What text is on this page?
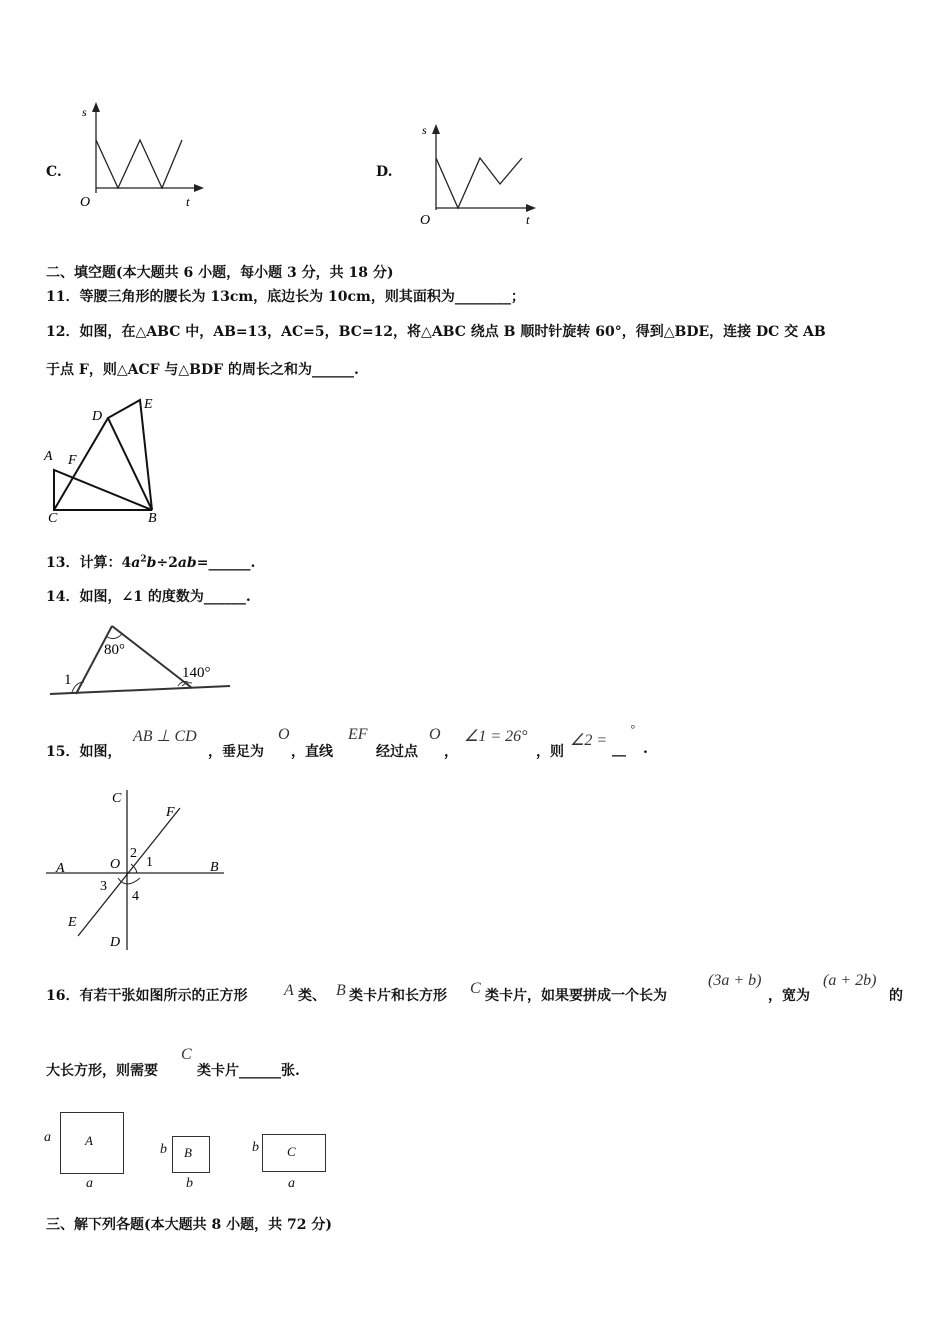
C.
s
O	t
D.
s
O	t
二、填空题(本大题共 6 小题，每小题 3 分，共 18 分)
11．等腰三角形的腰长为 13cm，底边长为 10cm，则其面积为________；
12．如图，在△ABC 中，AB=13，AC=5，BC=12，将△ABC 绕点 B 顺时针旋转 60°，得到△BDE，连接 DC 交 AB
于点 F，则△ACF 与△BDF 的周长之和为______.
A F
D
E
C	B
13．计算：$4a^2b\div 2ab=\_\_\_\_\_\_$.
14．如图，∠1 的度数为______.
80°
140°
1
15．如图，
AB ⊥ CD
，垂足为
O
，直线
EF
经过点
O
，
∠1 = 26°
，则
∠2 = __
°
.
C
F
A	B
O
2
1
3
4
E
D
16．有若干张如图所示的正方形 A 类、 B 类卡片和长方形 C 类卡片，如果要拼成一个长为
(3a + b)
，宽为
(a + 2b)
的
大长方形，则需要
C
类卡片______张.
A
a
a
B
b
b
C
b
a
三、解下列各题(本大题共 8 小题，共 72 分)
